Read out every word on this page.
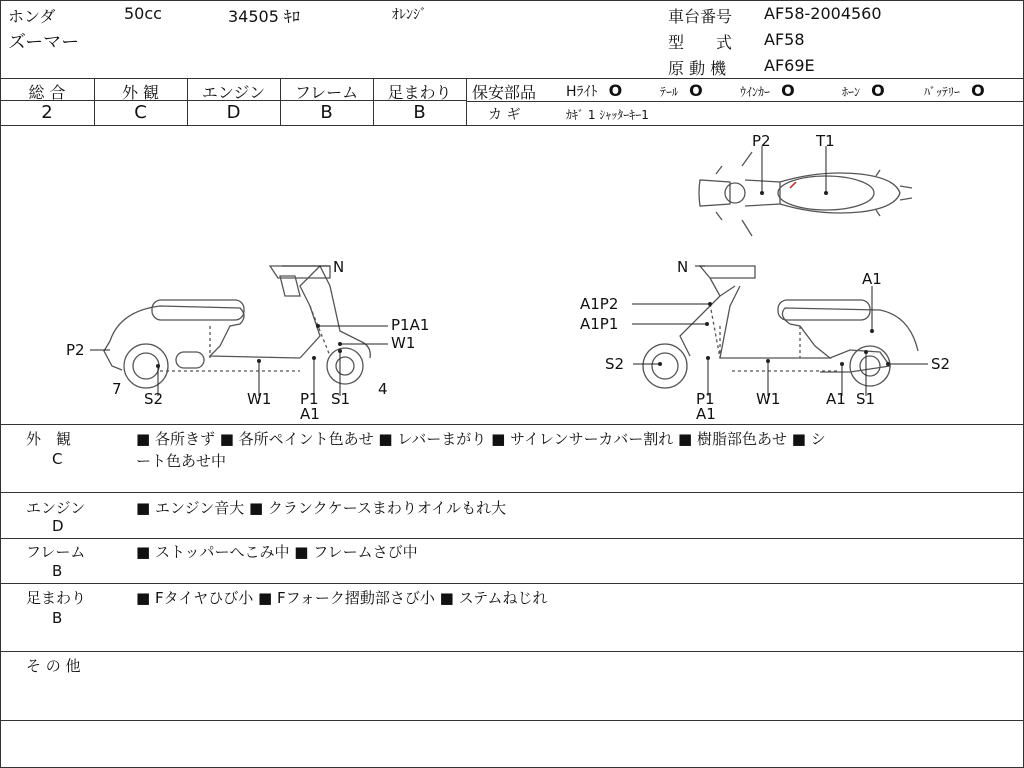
ホンダ	50cc	34505 ｷﾛ	ｵﾚﾝｼﾞ
ズーマー
車台番号 AF58-2004560
型　　式 AF58
原 動 機 AF69E
総 合
2
外 観
C
エンジン
D
フレーム
B
足まわり
B
保安部品 Hﾗｲﾄ O	ﾃｰﾙ O	ｳｲﾝｶｰ O	ﾎｰﾝ O	ﾊﾞｯﾃﾘｰ O
カ ギ	ｶｷﾞ 1 ｼｬｯﾀｰｷｰ1
P2	T1
N
P1A1
W1
P2
7	4
S2	W1 P1
A1
S1
N
A1
A1P2
A1P1
S2	S2
P1
A1
W1	A1 S1
外　観
C
■ 各所きず ■ 各所ペイント色あせ ■ レバーまがり ■ サイレンサーカバー割れ ■ 樹脂部色あせ ■ シ
ート色あせ中
エンジン
D
■ エンジン音大 ■ クランクケースまわりオイルもれ大
フレーム
B
■ ストッパーへこみ中 ■ フレームさび中
足まわり
B
■ Fタイヤひび小 ■ Fフォーク摺動部さび小 ■ ステムねじれ
そ の 他
